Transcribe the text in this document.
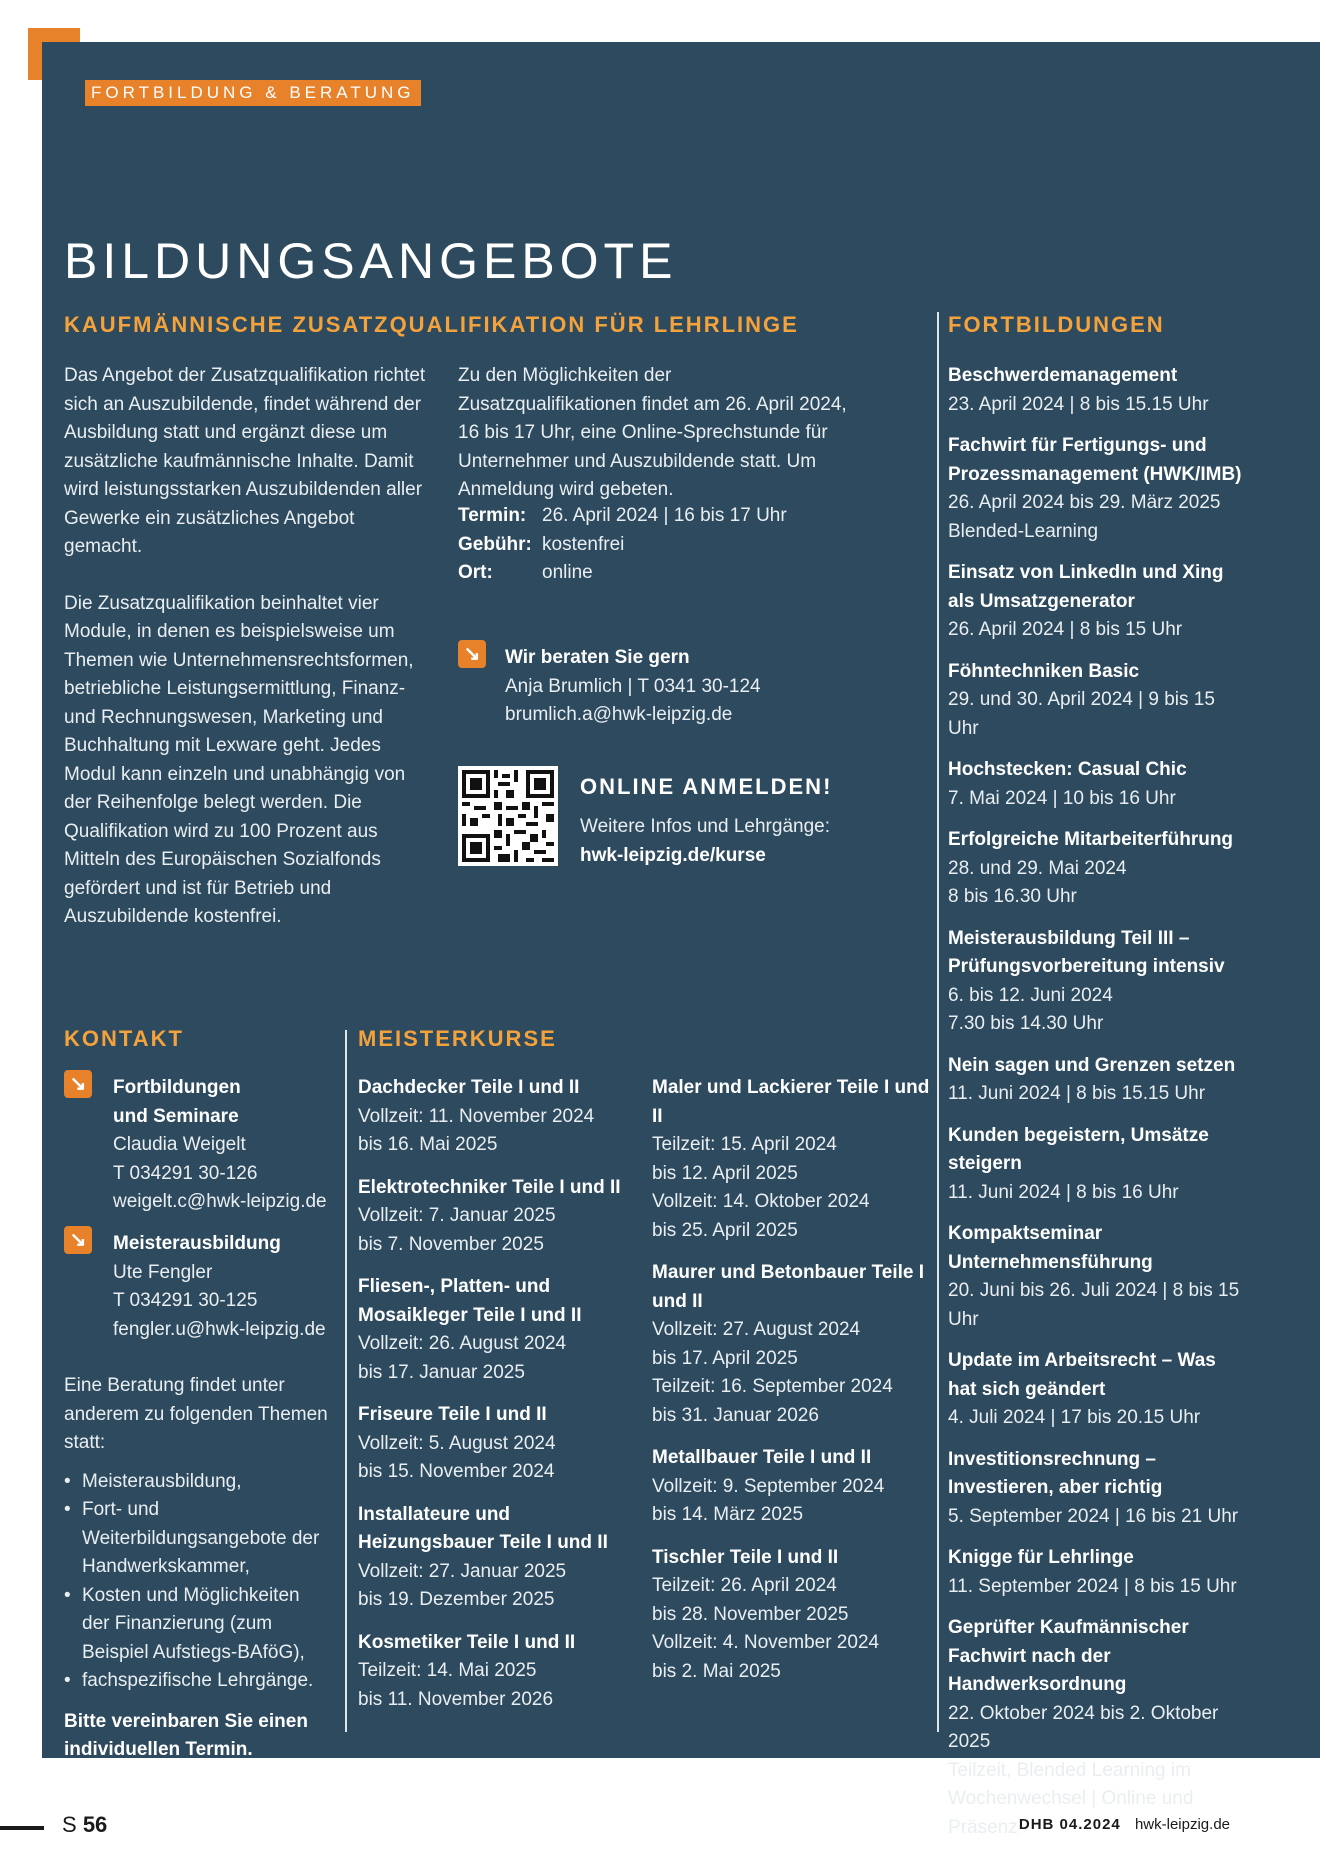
FORTBILDUNG & BERATUNG
BILDUNGSANGEBOTE
KAUFMÄNNISCHE ZUSATZQUALIFIKATION FÜR LEHRLINGE

Das Angebot der Zusatzqualifikation richtet sich an Auszubildende, findet während der Ausbildung statt und ergänzt diese um zusätzliche kaufmännische Inhalte. Damit wird leistungsstarken Auszubildenden aller Gewerke ein zusätzliches Angebot gemacht.

Die Zusatzqualifikation beinhaltet vier Module, in denen es beispielsweise um Themen wie Unternehmensrechtsformen, betriebliche Leistungsermittlung, Finanz- und Rechnungswesen, Marketing und Buchhaltung mit Lexware geht. Jedes Modul kann einzeln und unabhängig von der Reihenfolge belegt werden. Die Qualifikation wird zu 100 Prozent aus Mitteln des Europäischen Sozialfonds gefördert und ist für Betrieb und Auszubildende kostenfrei.

Zu den Möglichkeiten der Zusatzqualifikationen findet am 26. April 2024, 16 bis 17 Uhr, eine Online-Sprechstunde für Unternehmer und Auszubildende statt. Um Anmeldung wird gebeten.

Termin: 26. April 2024 | 16 bis 17 Uhr
Gebühr: kostenfrei
Ort:	online
↘ Wir beraten Sie gern
Anja Brumlich | T 0341 30-124
brumlich.a@hwk-leipzig.de
ONLINE ANMELDEN!
Weitere Infos und Lehrgänge:
hwk-leipzig.de/kurse
FORTBILDUNGEN
Beschwerdemanagement
23. April 2024 | 8 bis 15.15 Uhr
Fachwirt für Fertigungs- und Prozessmanagement (HWK/IMB)
26. April 2024 bis 29. März 2025
Blended-Learning
Einsatz von LinkedIn und Xing als Umsatzgenerator
26. April 2024 | 8 bis 15 Uhr
Föhntechniken Basic
29. und 30. April 2024 | 9 bis 15 Uhr
Hochstecken: Casual Chic
7. Mai 2024 | 10 bis 16 Uhr
Erfolgreiche Mitarbeiterführung
28. und 29. Mai 2024
8 bis 16.30 Uhr
Meisterausbildung Teil III – Prüfungsvorbereitung intensiv
6. bis 12. Juni 2024
7.30 bis 14.30 Uhr
Nein sagen und Grenzen setzen
11. Juni 2024 | 8 bis 15.15 Uhr
Kunden begeistern, Umsätze steigern
11. Juni 2024 | 8 bis 16 Uhr
Kompaktseminar Unternehmensführung
20. Juni bis 26. Juli 2024 | 8 bis 15 Uhr
Update im Arbeitsrecht – Was hat sich geändert
4. Juli 2024 | 17 bis 20.15 Uhr
Investitionsrechnung – Investieren, aber richtig
5. September 2024 | 16 bis 21 Uhr
Knigge für Lehrlinge
11. September 2024 | 8 bis 15 Uhr
Geprüfter Kaufmännischer Fachwirt nach der Handwerksordnung
22. Oktober 2024 bis 2. Oktober 2025
Teilzeit, Blended Learning im Wochenwechsel | Online und Präsenz
KONTAKT
↘ Fortbildungen
und Seminare
Claudia Weigelt
T 034291 30-126
weigelt.c@hwk-leipzig.de
↘ Meisterausbildung
Ute Fengler
T 034291 30-125
fengler.u@hwk-leipzig.de
Eine Beratung findet unter anderem zu folgenden Themen statt:
• Meisterausbildung,
• Fort- und Weiterbildungsangebote der Handwerkskammer,
• Kosten und Möglichkeiten der Finanzierung (zum Beispiel Aufstiegs-BAföG),
• fachspezifische Lehrgänge.
Bitte vereinbaren Sie einen individuellen Termin.
MEISTERKURSE
Dachdecker Teile I und II
Vollzeit: 11. November 2024
bis 16. Mai 2025
Elektrotechniker Teile I und II
Vollzeit: 7. Januar 2025
bis 7. November 2025
Fliesen-, Platten- und Mosaikleger Teile I und II
Vollzeit: 26. August 2024
bis 17. Januar 2025
Friseure Teile I und II
Vollzeit: 5. August 2024
bis 15. November 2024
Installateure und Heizungsbauer Teile I und II
Vollzeit: 27. Januar 2025
bis 19. Dezember 2025
Kosmetiker Teile I und II
Teilzeit: 14. Mai 2025
bis 11. November 2026
Maler und Lackierer Teile I und II
Teilzeit: 15. April 2024
bis 12. April 2025
Vollzeit: 14. Oktober 2024
bis 25. April 2025
Maurer und Betonbauer Teile I und II
Vollzeit: 27. August 2024
bis 17. April 2025
Teilzeit: 16. September 2024
bis 31. Januar 2026
Metallbauer Teile I und II
Vollzeit: 9. September 2024
bis 14. März 2025
Tischler Teile I und II
Teilzeit: 26. April 2024
bis 28. November 2025
Vollzeit: 4. November 2024
bis 2. Mai 2025
S 56	DHB 04.2024 hwk-leipzig.de
